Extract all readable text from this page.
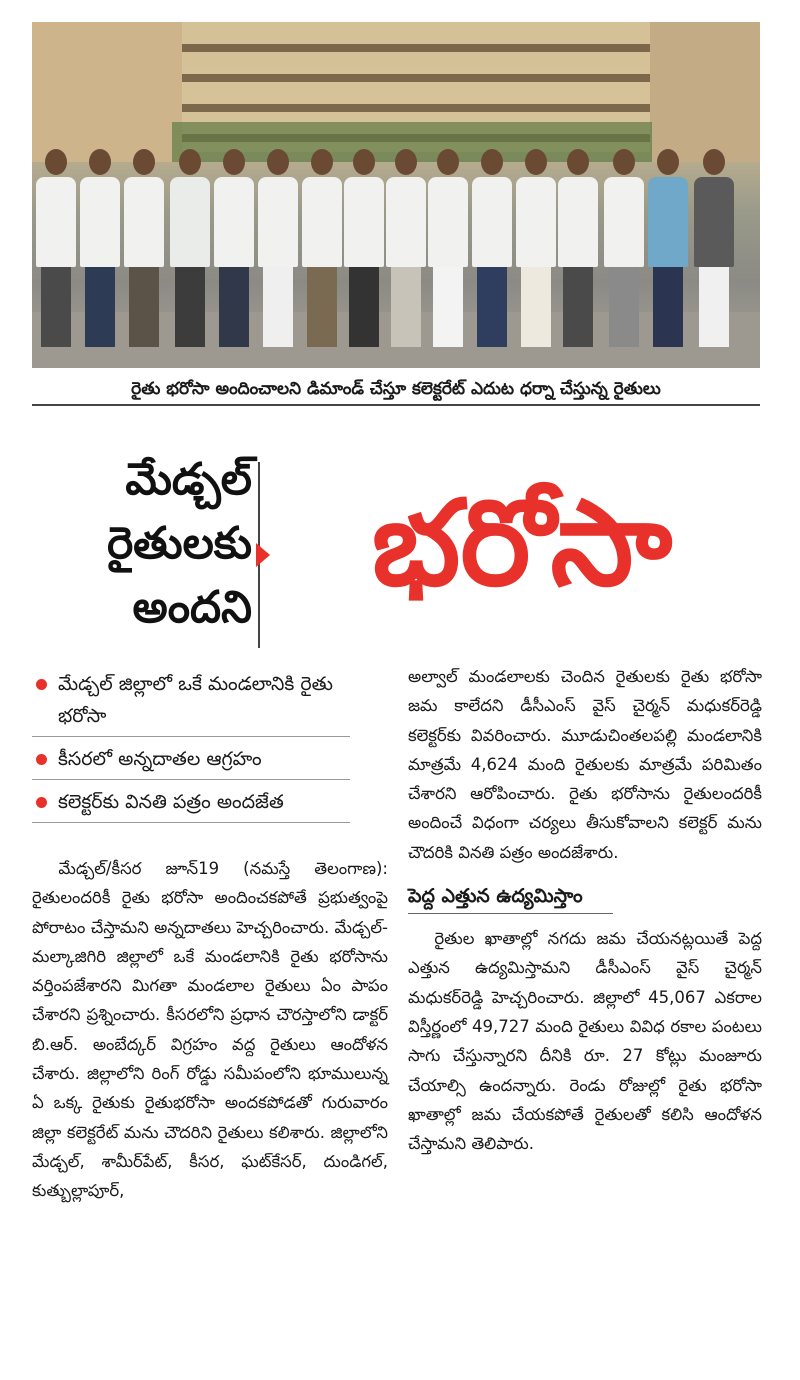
రైతు భరోసా అందించాలని డిమాండ్ చేస్తూ కలెక్టరేట్ ఎదుట ధర్నా చేస్తున్న రైతులు
మేడ్చల్
రైతులకు
అందని	భరోసా
మేడ్చల్ జిల్లాలో ఒకే మండలానికి రైతు భరోసా
కీసరలో అన్నదాతల ఆగ్రహం
కలెక్టర్‌కు వినతి పత్రం అందజేత
మేడ్చల్/కీసర జూన్19 (నమస్తే తెలంగాణ): రైతులందరికీ రైతు భరోసా అందించకపోతే ప్రభుత్వంపై పోరాటం చేస్తామని అన్నదాతలు హెచ్చరించారు. మేడ్చల్-మల్కాజిగిరి జిల్లాలో ఒకే మండలానికి రైతు భరోసాను వర్తింపజేశారని మిగతా మండలాల రైతులు ఏం పాపం చేశారని ప్రశ్నించారు. కీసరలోని ప్రధాన చౌరస్తాలోని డాక్టర్ బి.ఆర్. అంబేద్కర్ విగ్రహం వద్ద రైతులు ఆందోళన చేశారు. జిల్లాలోని రింగ్ రోడ్డు సమీపంలోని భూములున్న ఏ ఒక్క రైతుకు రైతుభరోసా అందకపోడతో గురువారం జిల్లా కలెక్టరేట్ మను చౌదరిని రైతులు కలిశారు. జిల్లాలోని మేడ్చల్, శామీర్‌పేట్, కీసర, ఘట్‌కేసర్, దుండిగల్, కుత్బుల్లాపూర్,
అల్వాల్ మండలాలకు చెందిన రైతులకు రైతు భరోసా జమ కాలేదని డీసీఎంస్ వైస్ చైర్మన్ మధుకర్‌రెడ్డి కలెక్టర్‌కు వివరించారు. మూడుచింతలపల్లి మండలానికి మాత్రమే 4,624 మంది రైతులకు మాత్రమే పరిమితం చేశారని ఆరోపించారు. రైతు భరోసాను రైతులందరికీ అందించే విధంగా చర్యలు తీసుకోవాలని కలెక్టర్ మను చౌదరికి వినతి పత్రం అందజేశారు.
పెద్ద ఎత్తున ఉద్యమిస్తాం
రైతుల ఖాతాల్లో నగదు జమ చేయనట్లయితే పెద్ద ఎత్తున ఉద్యమిస్తామని డీసీఎంస్ వైస్ చైర్మన్ మధుకర్‌రెడ్డి హెచ్చరించారు. జిల్లాలో 45,067 ఎకరాల విస్తీర్ణంలో 49,727 మంది రైతులు వివిధ రకాల పంటలు సాగు చేస్తున్నారని దీనికి రూ. 27 కోట్లు మంజూరు చేయాల్సి ఉందన్నారు. రెండు రోజుల్లో రైతు భరోసా ఖాతాల్లో జమ చేయకపోతే రైతులతో కలిసి ఆందోళన చేస్తామని తెలిపారు.
